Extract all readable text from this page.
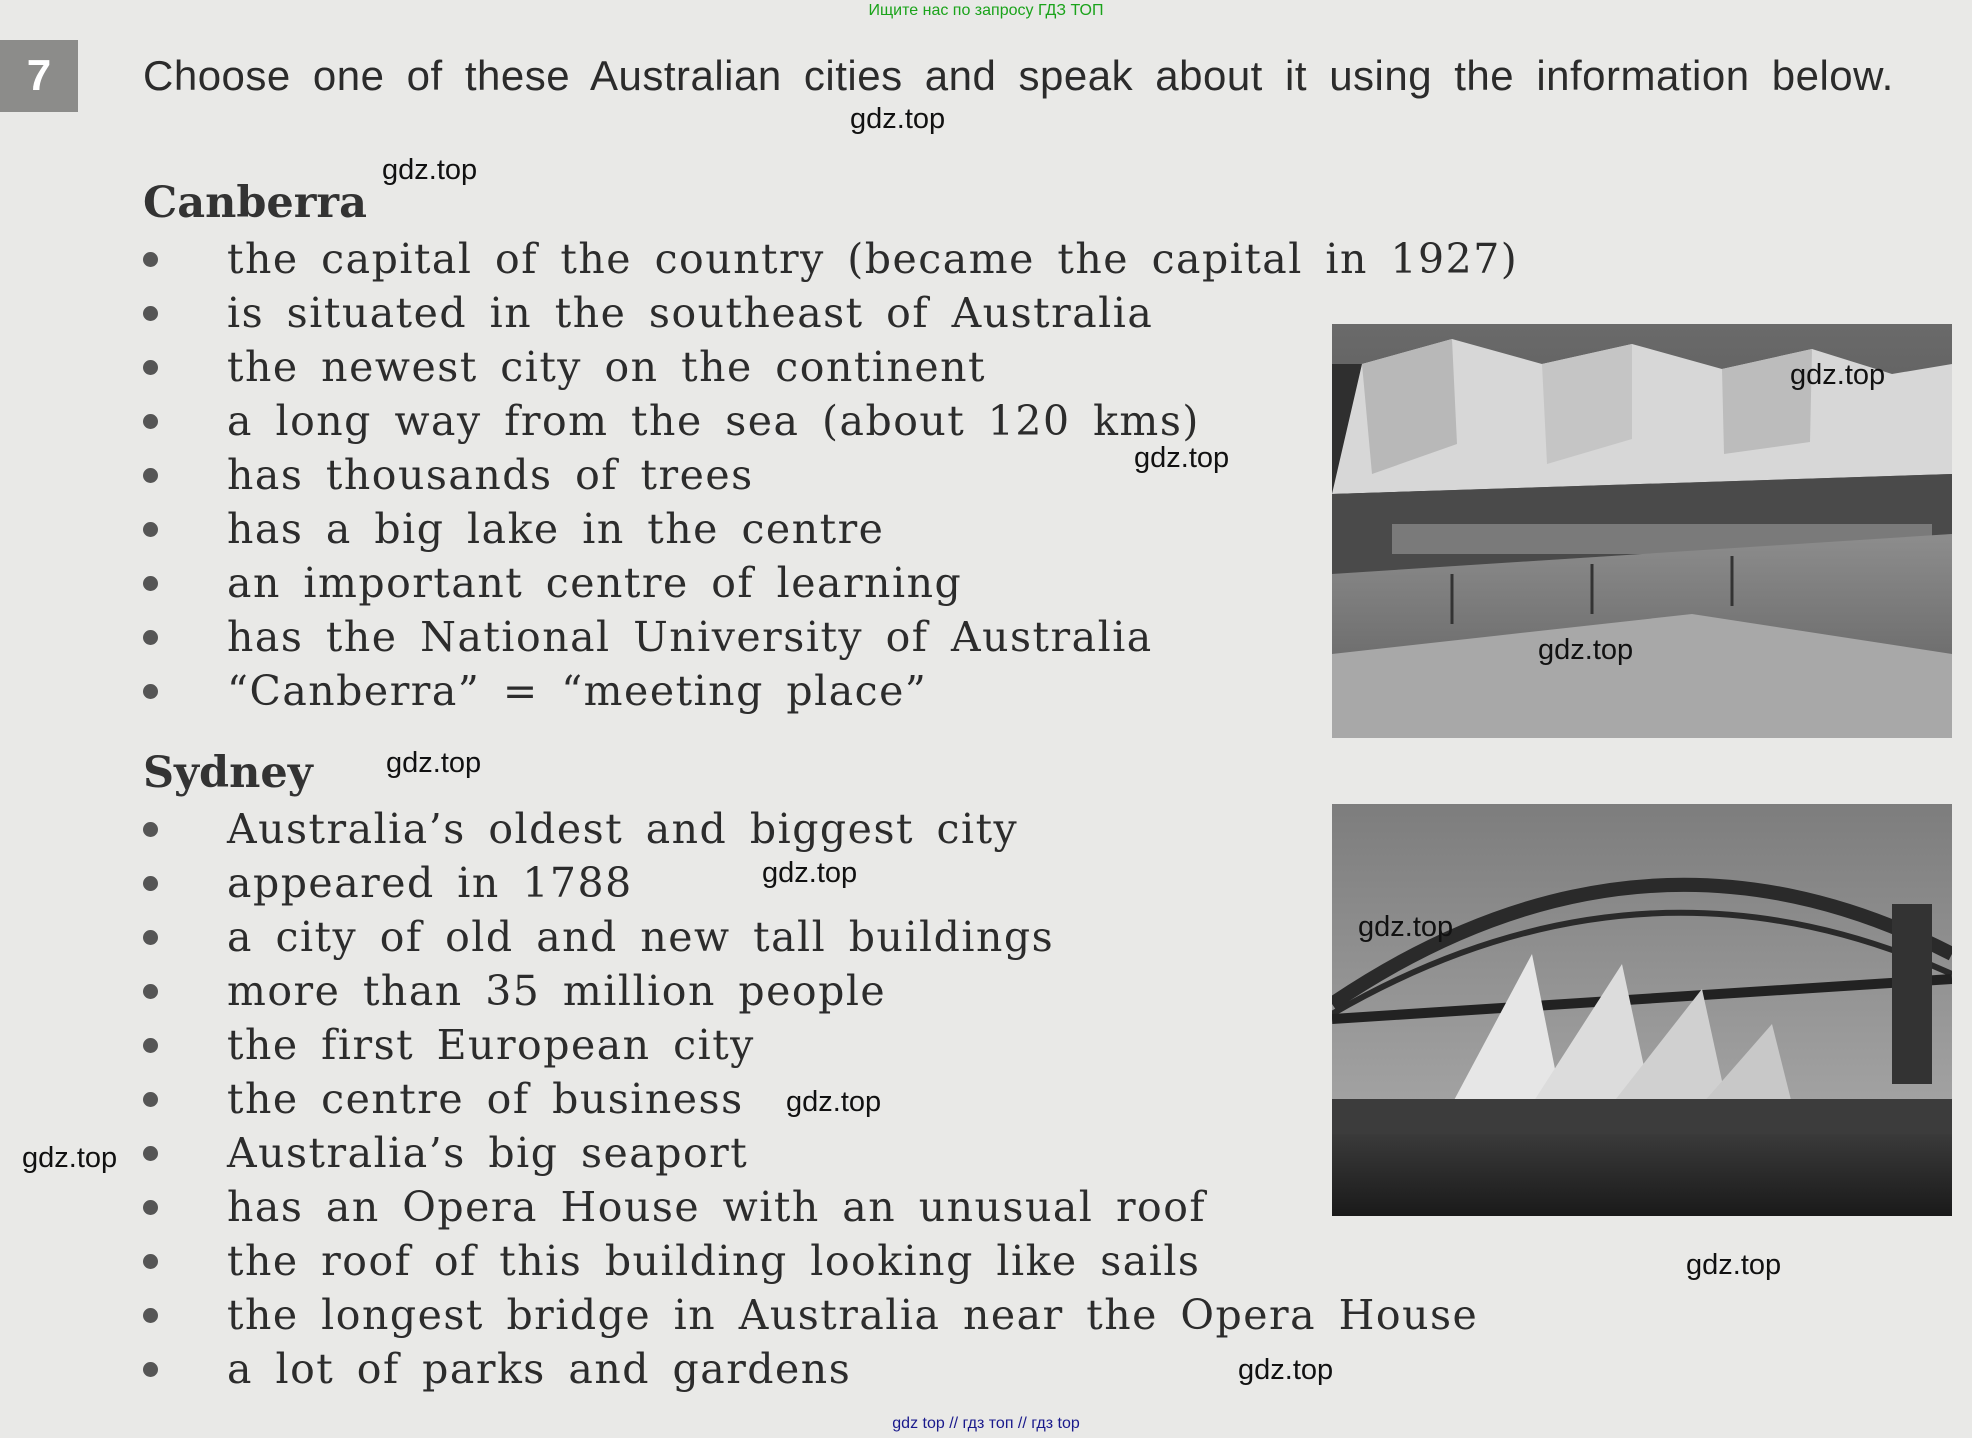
Ищите нас по запросу ГДЗ ТОП
7	Choose one of these Australian cities and speak about it using the information below.
Canberra
the capital of the country (became the capital in 1927)
is situated in the southeast of Australia
the newest city on the continent
a long way from the sea (about 120 kms)
has thousands of trees
has a big lake in the centre
an important centre of learning
has the National University of Australia
“Canberra” = “meeting place”
Sydney
Australia’s oldest and biggest city
appeared in 1788
a city of old and new tall buildings
more than 35 million people
the first European city
the centre of business
Australia’s big seaport
has an Opera House with an unusual roof
the roof of this building looking like sails
the longest bridge in Australia near the Opera House
a lot of parks and gardens
gdz.top
gdz.top
gdz.top
gdz.top
gdz.top
gdz.top
gdz.top
gdz.top
gdz.top
gdz.top
gdz.top
gdz.top
gdz top // гдз топ // гдз top
